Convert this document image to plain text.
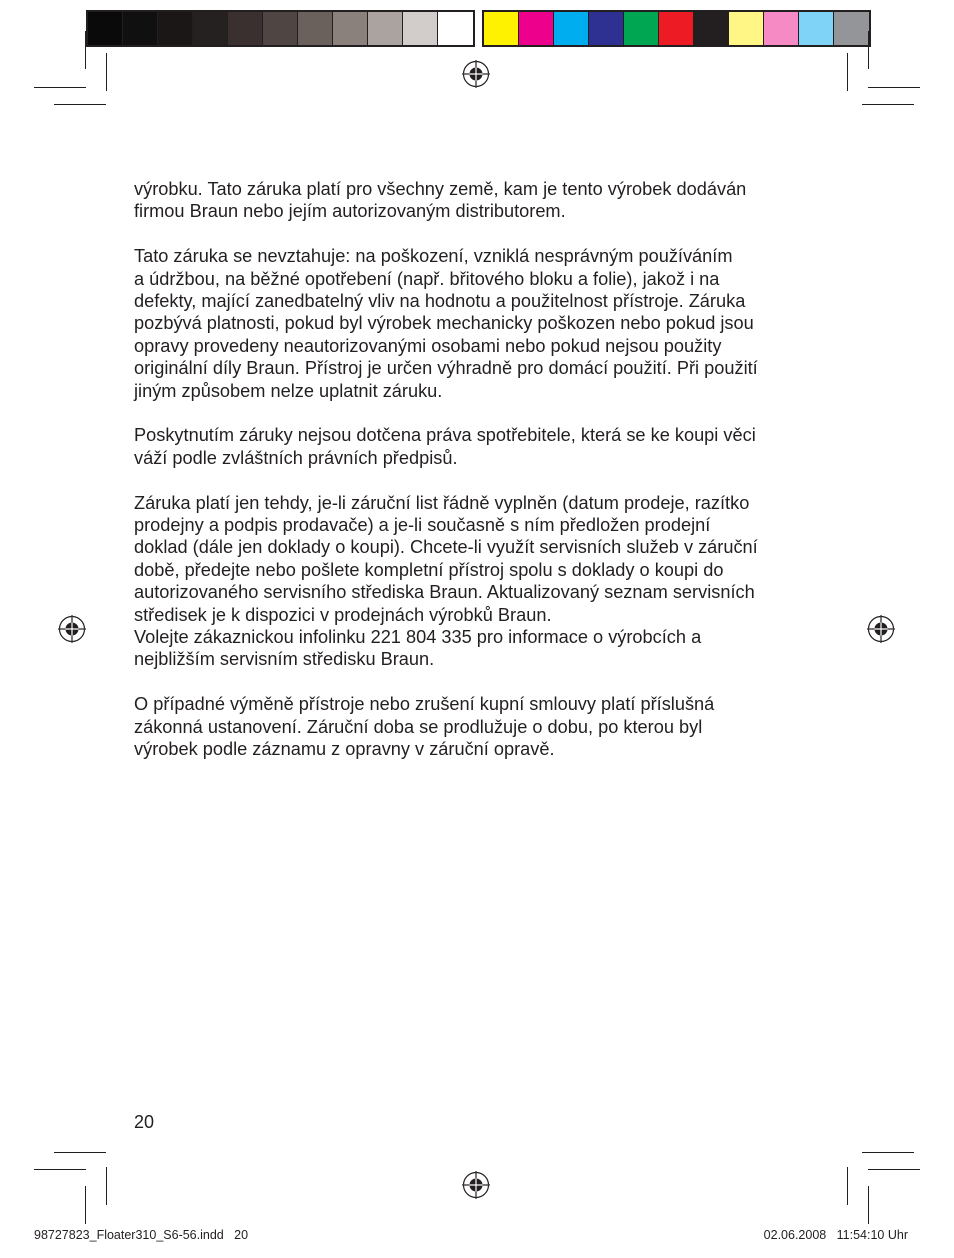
výrobku. Tato záruka platí pro všechny země, kam je tento výrobek dodáván
firmou Braun nebo jejím autorizovaným distributorem.

Tato záruka se nevztahuje: na poškození, vzniklá nesprávným používáním
a údržbou, na běžné opotřebení (např. břitového bloku a folie), jakož i na
defekty, mající zanedbatelný vliv na hodnotu a použitelnost přístroje. Záruka
pozbývá platnosti, pokud byl výrobek mechanicky poškozen nebo pokud jsou
opravy provedeny neautorizovanými osobami nebo pokud nejsou použity
originální díly Braun. Přístroj je určen výhradně pro domácí použití. Při použití
jiným způsobem nelze uplatnit záruku.

Poskytnutím záruky nejsou dotčena práva spotřebitele, která se ke koupi věci
váží podle zvláštních právních předpisů.

Záruka platí jen tehdy, je-li záruční list řádně vyplněn (datum prodeje, razítko
prodejny a podpis prodavače) a je-li současně s ním předložen prodejní
doklad (dále jen doklady o koupi). Chcete-li využít servisních služeb v záruční
době, předejte nebo pošlete kompletní přístroj spolu s doklady o koupi do
autorizovaného servisního střediska Braun. Aktualizovaný seznam servisních
středisek je k dispozici v prodejnách výrobků Braun.
Volejte zákaznickou infolinku 221 804 335 pro informace o výrobcích a
nejbližším servisním středisku Braun.

O případné výměně přístroje nebo zrušení kupní smlouvy platí příslušná
zákonná ustanovení. Záruční doba se prodlužuje o dobu, po kterou byl
výrobek podle záznamu z opravny v záruční opravě.

20
98727823_Floater310_S6-56.indd   20	02.06.2008   11:54:10 Uhr
